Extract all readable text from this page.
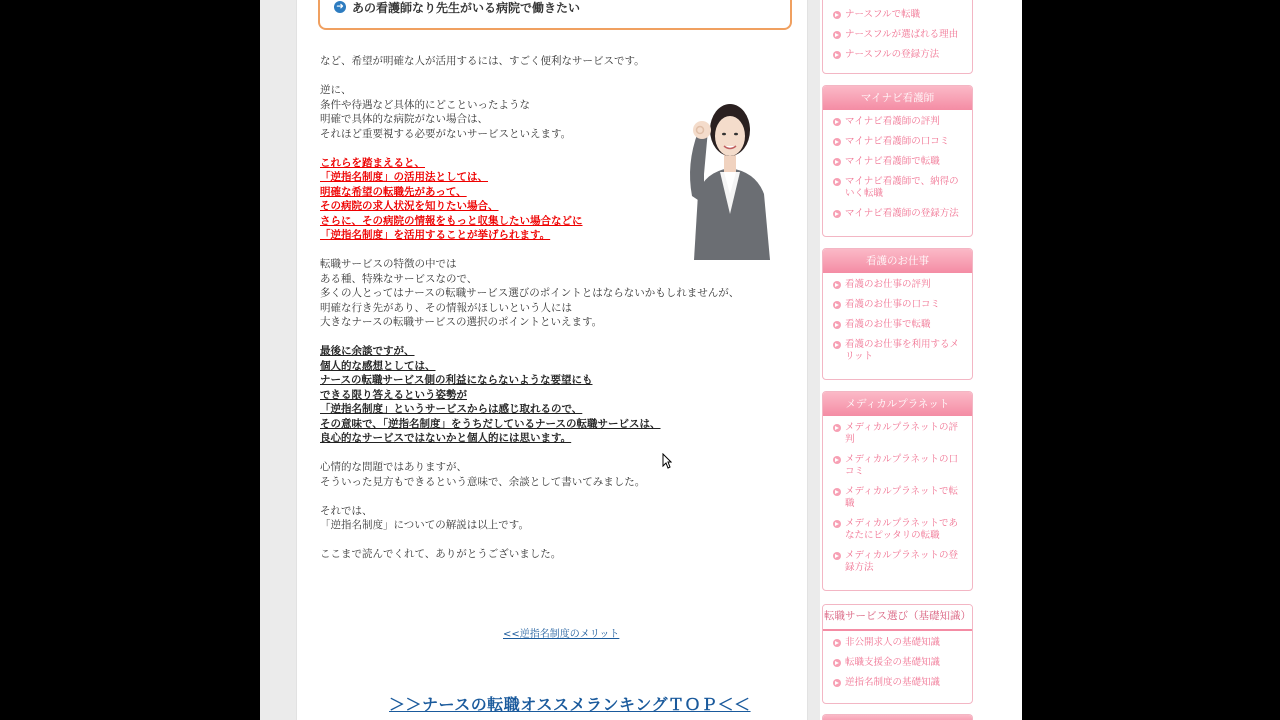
➜ あの看護師なり先生がいる病院で働きたい

など、希望が明確な人が活用するには、すごく便利なサービスです。

逆に、
条件や待遇など具体的にどこといったような
明確で具体的な病院がない場合は、
それほど重要視する必要がないサービスといえます。

これらを踏まえると、

「逆指名制度」の活用法としては、

明確な希望の転職先があって、

その病院の求人状況を知りたい場合、

さらに、その病院の情報をもっと収集したい場合などに

「逆指名制度」を活用することが挙げられます。

転職サービスの特徴の中では
ある種、特殊なサービスなので、
多くの人とってはナースの転職サービス選びのポイントとはならないかもしれませんが、
明確な行き先があり、その情報がほしいという人には
大きなナースの転職サービスの選択のポイントといえます。

最後に余談ですが、

個人的な感想としては、

ナースの転職サービス側の利益にならないような要望にも

できる限り答えるという姿勢が

「逆指名制度」というサービスからは感じ取れるので、

その意味で、「逆指名制度」をうちだしているナースの転職サービスは、

良心的なサービスではないかと個人的には思います。

心情的な問題ではありますが、
そういった見方もできるという意味で、余談として書いてみました。

それでは、
「逆指名制度」についての解説は以上です。

ここまで読んでくれて、ありがとうございました。

<<逆指名制度のメリット
＞＞ナースの転職オススメランキングＴＯＰ＜＜
ナースフルで転職
ナースフルが選ばれる理由
ナースフルの登録方法
マイナビ看護師
マイナビ看護師の評判
マイナビ看護師の口コミ
マイナビ看護師で転職
マイナビ看護師で、納得のいく転職
マイナビ看護師の登録方法
看護のお仕事
看護のお仕事の評判
看護のお仕事の口コミ
看護のお仕事で転職
看護のお仕事を利用するメリット
メディカルプラネット
メディカルプラネットの評判
メディカルプラネットの口コミ
メディカルプラネットで転職
メディカルプラネットであなたにピッタリの転職
メディカルプラネットの登録方法
転職サービス選び（基礎知識）
非公開求人の基礎知識
転職支援金の基礎知識
逆指名制度の基礎知識
